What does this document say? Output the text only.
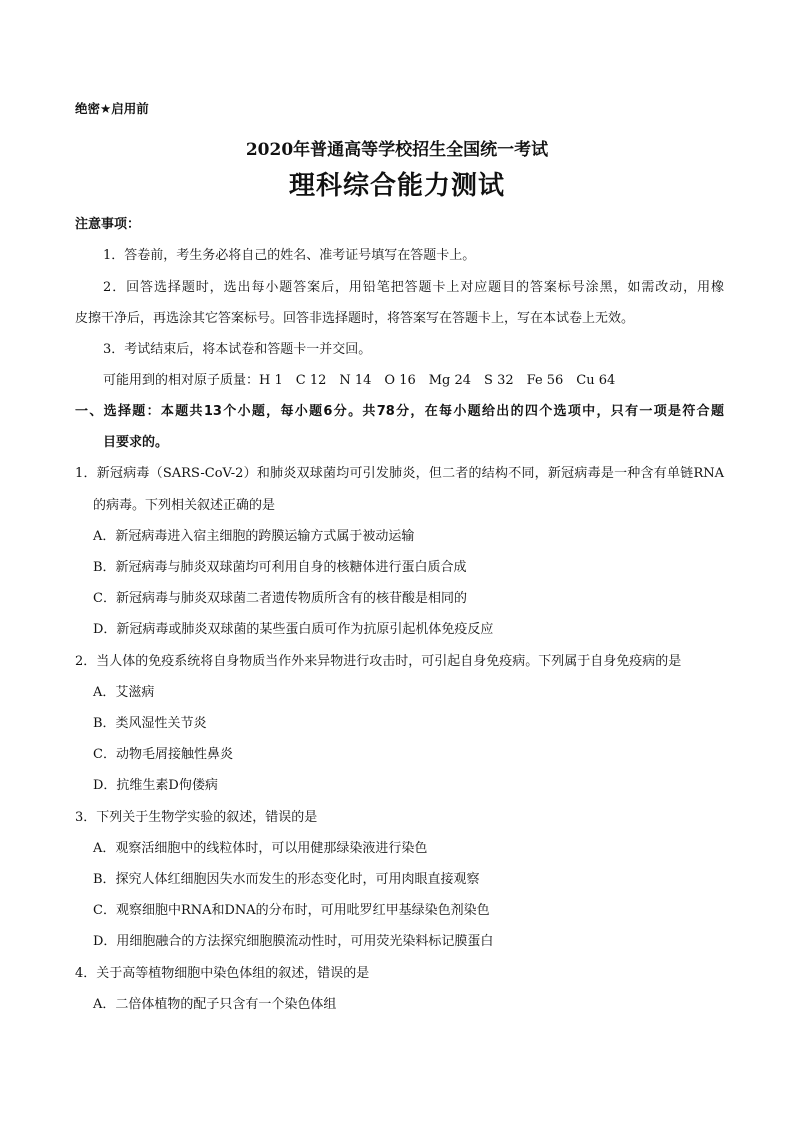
绝密★启用前
2020年普通高等学校招生全国统一考试
理科综合能力测试
注意事项：
1．答卷前，考生务必将自己的姓名、准考证号填写在答题卡上。
2．回答选择题时，选出每小题答案后，用铅笔把答题卡上对应题目的答案标号涂黑，如需改动，用橡
皮擦干净后，再选涂其它答案标号。回答非选择题时，将答案写在答题卡上，写在本试卷上无效。
3．考试结束后，将本试卷和答题卡一并交回。
可能用到的相对原子质量：H 1　C 12　N 14　O 16　Mg 24　S 32　Fe 56　Cu 64
一、选择题：本题共13个小题，每小题6分。共78分，在每小题给出的四个选项中，只有一项是符合题
目要求的。
1．新冠病毒（SARS-CoV-2）和肺炎双球菌均可引发肺炎，但二者的结构不同，新冠病毒是一种含有单链RNA
的病毒。下列相关叙述正确的是
A．新冠病毒进入宿主细胞的跨膜运输方式属于被动运输
B．新冠病毒与肺炎双球菌均可利用自身的核糖体进行蛋白质合成
C．新冠病毒与肺炎双球菌二者遗传物质所含有的核苷酸是相同的
D．新冠病毒或肺炎双球菌的某些蛋白质可作为抗原引起机体免疫反应
2．当人体的免疫系统将自身物质当作外来异物进行攻击时，可引起自身免疫病。下列属于自身免疫病的是
A．艾滋病
B．类风湿性关节炎
C．动物毛屑接触性鼻炎
D．抗维生素D佝偻病
3．下列关于生物学实验的叙述，错误的是
A．观察活细胞中的线粒体时，可以用健那绿染液进行染色
B．探究人体红细胞因失水而发生的形态变化时，可用肉眼直接观察
C．观察细胞中RNA和DNA的分布时，可用吡罗红甲基绿染色剂染色
D．用细胞融合的方法探究细胞膜流动性时，可用荧光染料标记膜蛋白
4．关于高等植物细胞中染色体组的叙述，错误的是
A．二倍体植物的配子只含有一个染色体组
